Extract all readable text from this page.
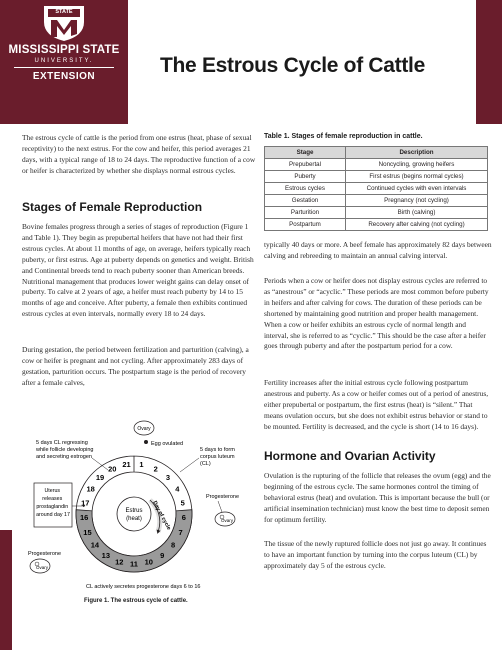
STATE
MISSISSIPPI STATE
UNIVERSITY.
EXTENSION	The Estrous Cycle of Cattle

The estrous cycle of cattle is the period from one estrus (heat, phase of sexual receptivity) to the next estrus. For the cow and heifer, this period averages 21 days, with a typical range of 18 to 24 days. The reproductive function of a cow or heifer is characterized by whether she displays normal estrous cycles.

Stages of Female Reproduction

Bovine females progress through a series of stages of reproduction (Figure 1 and Table 1). They begin as prepubertal heifers that have not had their first estrous cycles. At about 11 months of age, on average, heifers typically reach puberty, or first estrus. Age at puberty depends on genetics and weight. British and Continental breeds tend to reach puberty sooner than American breeds. Nutritional management that produces lower weight gains can delay onset of puberty. To calve at 2 years of age, a heifer must reach puberty by 14 to 15 months of age and conceive. After puberty, a female then exhibits continued estrous cycles at even intervals, normally every 18 to 24 days.

During gestation, the period between fertilization and parturition (calving), a cow or heifer is pregnant and not cycling. After approximately 283 days of gestation, parturition occurs. The postpartum stage is the period of recovery after a female calves,

Table 1. Stages of female reproduction in cattle.
Stage	Description
Prepubertal	Noncycling, growing heifers
Puberty	First estrus (begins normal cycles)
Estrous cycles	Continued cycles with even intervals
Gestation	Pregnancy (not cycling)
Parturition	Birth (calving)
Postpartum	Recovery after calving (not cycling)

typically 40 days or more. A beef female has approximately 82 days between calving and rebreeding to maintain an annual calving interval.

Periods when a cow or heifer does not display estrous cycles are referred to as “anestrous” or “acyclic.” These periods are most common before puberty in heifers and after calving for cows. The duration of these periods can be shortened by maintaining good nutrition and proper health management. When a cow or heifer exhibits an estrous cycle of normal length and interval, she is referred to as “cyclic.” This should be the case after a heifer goes through puberty and after the postpartum period for a cow.

Fertility increases after the initial estrous cycle following postpartum anestrous and puberty. As a cow or heifer comes out of a period of anestrus, either prepubertal or postpartum, the first estrus (heat) is “silent.” That means ovulation occurs, but she does not exhibit estrus behavior or stand to be mounted. Fertility is decreased, and the cycle is short (14 to 16 days).

Hormone and Ovarian Activity

Ovulation is the rupturing of the follicle that releases the ovum (egg) and the beginning of the estrous cycle. The same hormones control the timing of behavioral estrus (heat) and ovulation. This is important because the bull (or artificial insemination technician) must know the best time to deposit semen for optimum fertility.

The tissue of the newly ruptured follicle does not just go away. It continues to have an important function by turning into the corpus luteum (CL) by approximately day 5 of the estrous cycle.

1 2
3
4
5
6
7
8
9
10
11
12
13
14
15
16
17
18
19
20 21
Estrus
(heat) Day of cycle
Ovary
Ovary
Ovary
Egg ovulated
5 days CL regressing while follicle developing and secreting estrogen
5 days to form corpus luteum (CL)
Progesterone
Uterus releases prostaglandin around day 17
Progesterone
CL actively secretes progesterone days 6 to 16
Figure 1. The estrous cycle of cattle.
